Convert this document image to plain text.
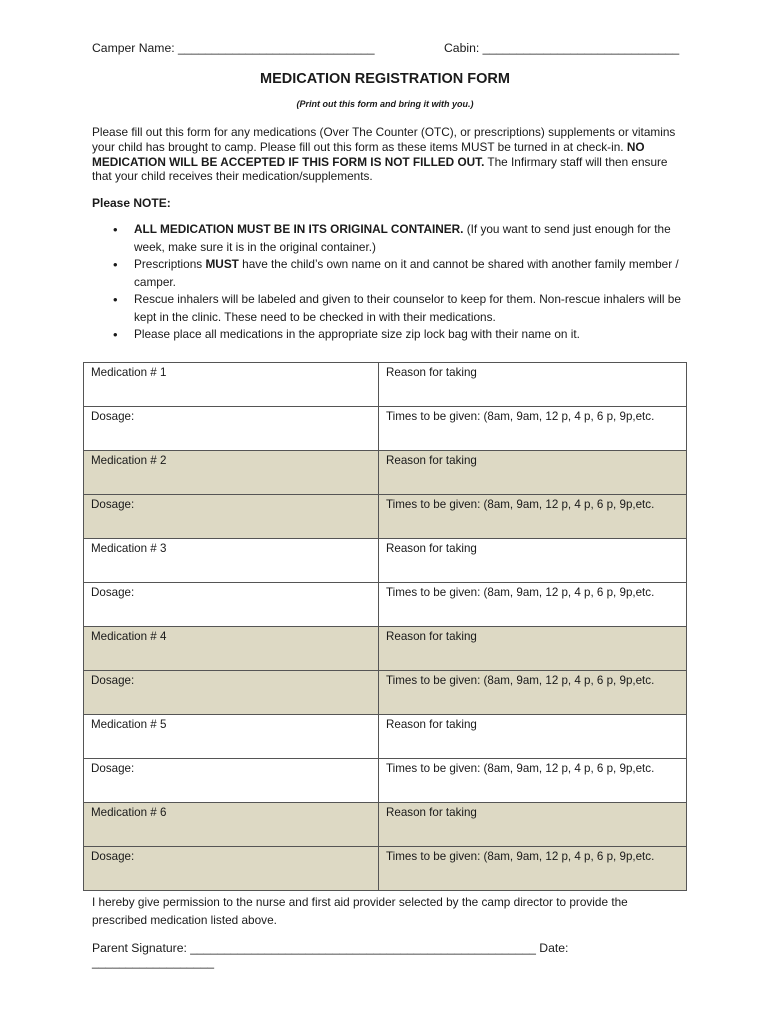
Camper Name: _____________________________	Cabin: _____________________________
MEDICATION REGISTRATION FORM
(Print out this form and bring it with you.)
Please fill out this form for any medications (Over The Counter (OTC), or prescriptions) supplements or vitamins your child has brought to camp. Please fill out this form as these items MUST be turned in at check-in. NO MEDICATION WILL BE ACCEPTED IF THIS FORM IS NOT FILLED OUT. The Infirmary staff will then ensure that your child receives their medication/supplements.
Please NOTE:
• ALL MEDICATION MUST BE IN ITS ORIGINAL CONTAINER. (If you want to send just enough for the week, make sure it is in the original container.)
• Prescriptions MUST have the child’s own name on it and cannot be shared with another family member / camper.
• Rescue inhalers will be labeled and given to their counselor to keep for them. Non-rescue inhalers will be kept in the clinic. These need to be checked in with their medications.
• Please place all medications in the appropriate size zip lock bag with their name on it.
Medication # 1	Reason for taking
Dosage:	Times to be given: (8am, 9am, 12 p, 4 p, 6 p, 9p,etc.
Medication # 2	Reason for taking
Dosage:	Times to be given: (8am, 9am, 12 p, 4 p, 6 p, 9p,etc.
Medication # 3	Reason for taking
Dosage:	Times to be given: (8am, 9am, 12 p, 4 p, 6 p, 9p,etc.
Medication # 4	Reason for taking
Dosage:	Times to be given: (8am, 9am, 12 p, 4 p, 6 p, 9p,etc.
Medication # 5	Reason for taking
Dosage:	Times to be given: (8am, 9am, 12 p, 4 p, 6 p, 9p,etc.
Medication # 6	Reason for taking
Dosage:	Times to be given: (8am, 9am, 12 p, 4 p, 6 p, 9p,etc.
I hereby give permission to the nurse and first aid provider selected by the camp director to provide the prescribed medication listed above.
Parent Signature: ___________________________________________________ Date: __________________
